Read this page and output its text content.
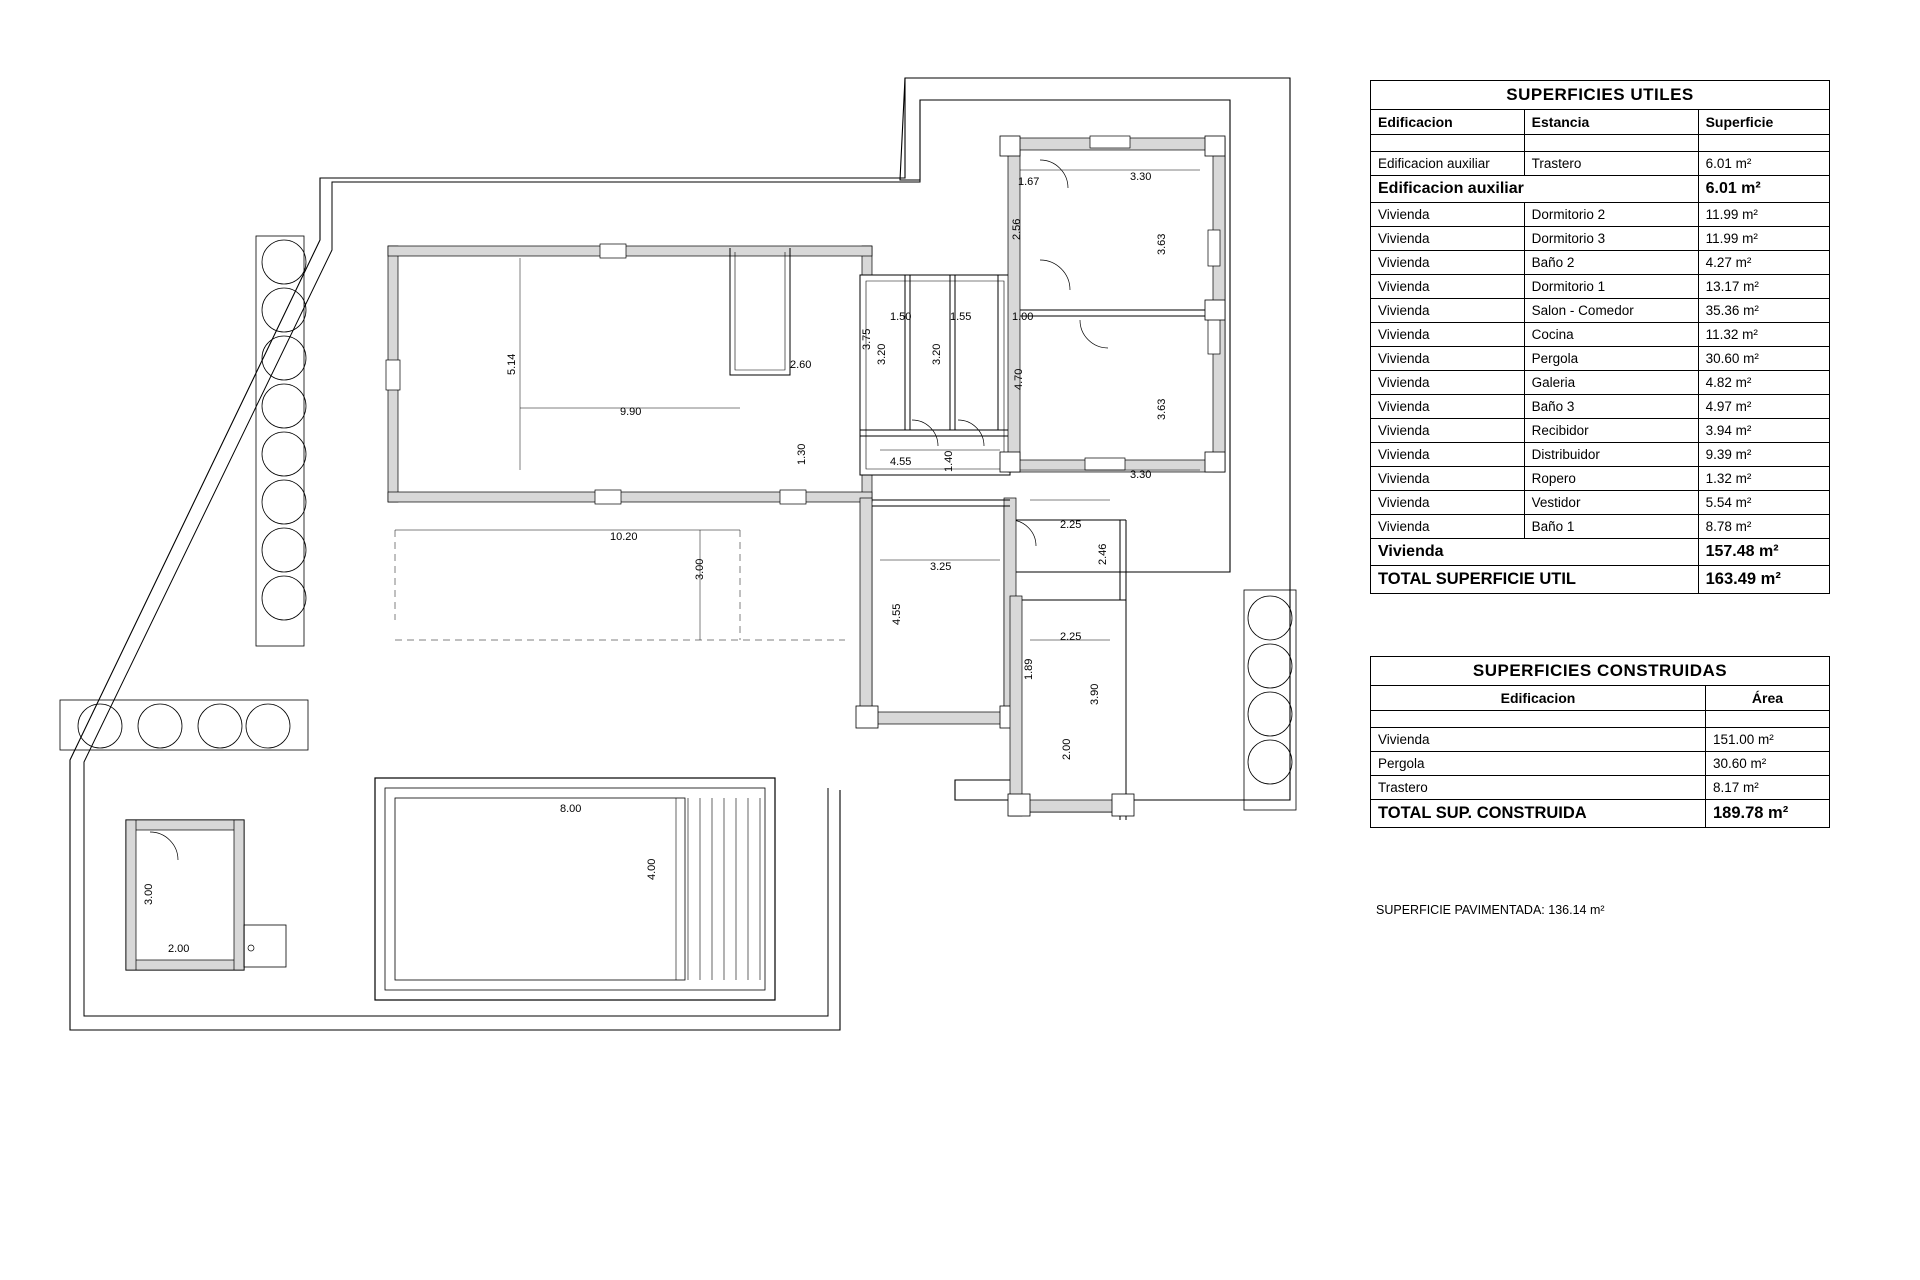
1.67	3.30
2.56
3.63
3.75
5.14
9.90
2.60
1.50	1.55	1.00
3.20	3.20
4.70
3.63
3.30
1.30	4.55	1.40
10.20
3.00
2.25
2.46
3.25
4.55
2.25
1.89
3.90
2.00
8.00
4.00
3.00
2.00
SUPERFICIES UTILES		
Edificacion	Estancia	Superficie

Edificacion auxiliar	Trastero	6.01 m²
Edificacion auxiliar		6.01 m²
Vivienda	Dormitorio 2	11.99 m²
Vivienda	Dormitorio 3	11.99 m²
Vivienda	Baño 2	4.27 m²
Vivienda	Dormitorio 1	13.17 m²
Vivienda	Salon - Comedor	35.36 m²
Vivienda	Cocina	11.32 m²
Vivienda	Pergola	30.60 m²
Vivienda	Galeria	4.82 m²
Vivienda	Baño 3	4.97 m²
Vivienda	Recibidor	3.94 m²
Vivienda	Distribuidor	9.39 m²
Vivienda	Ropero	1.32 m²
Vivienda	Vestidor	5.54 m²
Vivienda	Baño 1	8.78 m²
Vivienda		157.48 m²
TOTAL SUPERFICIE UTIL		163.49 m²
SUPERFICIES CONSTRUIDAS	
Edificacion	Área

Vivienda	151.00 m²
Pergola	30.60 m²
Trastero	8.17 m²
TOTAL SUP. CONSTRUIDA	189.78 m²
SUPERFICIE PAVIMENTADA: 136.14 m²
